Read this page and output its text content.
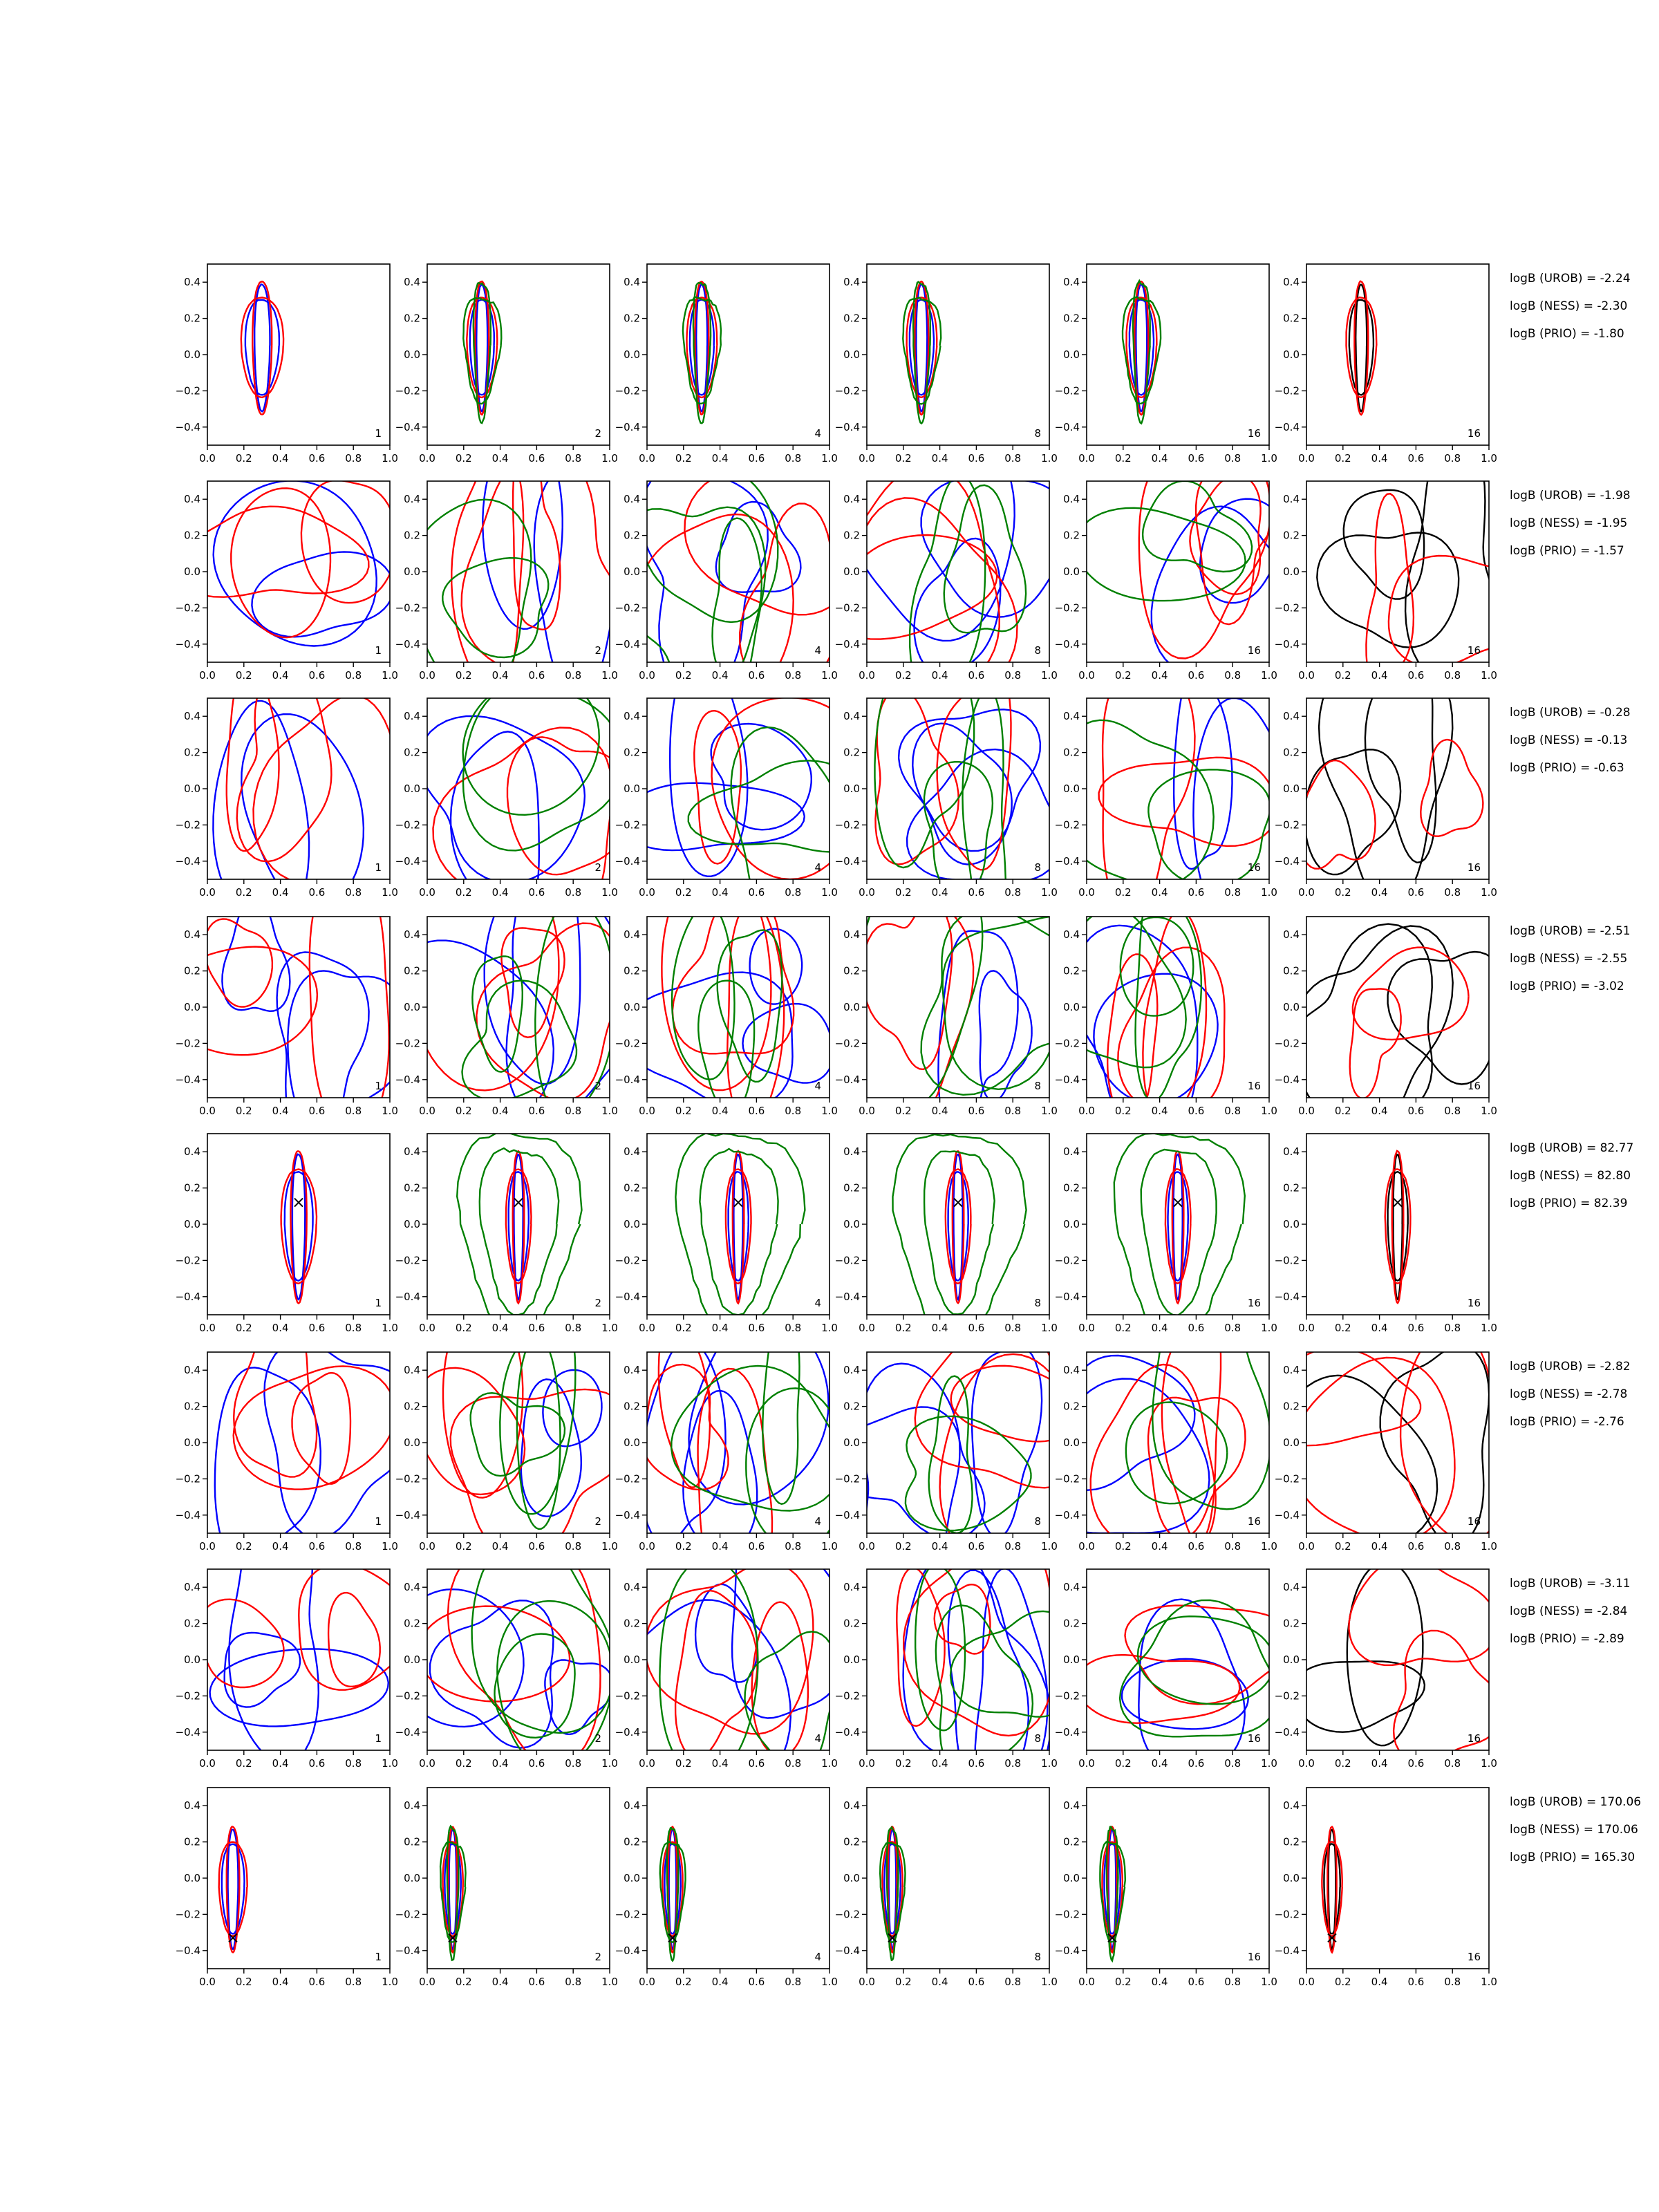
0.0 0.2 0.4 0.6 0.8 1.0
0.4
0.2
0.0
−0.2
−0.4
1
0.0 0.2 0.4 0.6 0.8 1.0
0.4
0.2
0.0
−0.2
−0.4
2
0.0 0.2 0.4 0.6 0.8 1.0
0.4
0.2
0.0
−0.2
−0.4
4
0.0 0.2 0.4 0.6 0.8 1.0
0.4
0.2
0.0
−0.2
−0.4
8
0.0 0.2 0.4 0.6 0.8 1.0
0.4
0.2
0.0
−0.2
−0.4
16
0.0 0.2 0.4 0.6 0.8 1.0
0.4
0.2
0.0
−0.2
−0.4
16
logB (UROB) = -2.24
logB (NESS) = -2.30
logB (PRIO) = -1.80
0.0 0.2 0.4 0.6 0.8 1.0
0.4
0.2
0.0
−0.2
−0.4
1
0.0 0.2 0.4 0.6 0.8 1.0
0.4
0.2
0.0
−0.2
−0.4
2
0.0 0.2 0.4 0.6 0.8 1.0
0.4
0.2
0.0
−0.2
−0.4
4
0.0 0.2 0.4 0.6 0.8 1.0
0.4
0.2
0.0
−0.2
−0.4
8
0.0 0.2 0.4 0.6 0.8 1.0
0.4
0.2
0.0
−0.2
−0.4
16
0.0 0.2 0.4 0.6 0.8 1.0
0.4
0.2
0.0
−0.2
−0.4
16
logB (UROB) = -1.98
logB (NESS) = -1.95
logB (PRIO) = -1.57
0.0 0.2 0.4 0.6 0.8 1.0
0.4
0.2
0.0
−0.2
−0.4
1
0.0 0.2 0.4 0.6 0.8 1.0
0.4
0.2
0.0
−0.2
−0.4
2
0.0 0.2 0.4 0.6 0.8 1.0
0.4
0.2
0.0
−0.2
−0.4
4
0.0 0.2 0.4 0.6 0.8 1.0
0.4
0.2
0.0
−0.2
−0.4
8
0.0 0.2 0.4 0.6 0.8 1.0
0.4
0.2
0.0
−0.2
−0.4
16
0.0 0.2 0.4 0.6 0.8 1.0
0.4
0.2
0.0
−0.2
−0.4
16
logB (UROB) = -0.28
logB (NESS) = -0.13
logB (PRIO) = -0.63
0.0 0.2 0.4 0.6 0.8 1.0
0.4
0.2
0.0
−0.2
−0.4
1
0.0 0.2 0.4 0.6 0.8 1.0
0.4
0.2
0.0
−0.2
−0.4
2
0.0 0.2 0.4 0.6 0.8 1.0
0.4
0.2
0.0
−0.2
−0.4
4
0.0 0.2 0.4 0.6 0.8 1.0
0.4
0.2
0.0
−0.2
−0.4
8
0.0 0.2 0.4 0.6 0.8 1.0
0.4
0.2
0.0
−0.2
−0.4
16
0.0 0.2 0.4 0.6 0.8 1.0
0.4
0.2
0.0
−0.2
−0.4
16
logB (UROB) = -2.51
logB (NESS) = -2.55
logB (PRIO) = -3.02
0.0 0.2 0.4 0.6 0.8 1.0
0.4
0.2
0.0
−0.2
−0.4
1
0.0 0.2 0.4 0.6 0.8 1.0
0.4
0.2
0.0
−0.2
−0.4
2
0.0 0.2 0.4 0.6 0.8 1.0
0.4
0.2
0.0
−0.2
−0.4
4
0.0 0.2 0.4 0.6 0.8 1.0
0.4
0.2
0.0
−0.2
−0.4
8
0.0 0.2 0.4 0.6 0.8 1.0
0.4
0.2
0.0
−0.2
−0.4
16
0.0 0.2 0.4 0.6 0.8 1.0
0.4
0.2
0.0
−0.2
−0.4
16
logB (UROB) = 82.77
logB (NESS) = 82.80
logB (PRIO) = 82.39
0.0 0.2 0.4 0.6 0.8 1.0
0.4
0.2
0.0
−0.2
−0.4
1
0.0 0.2 0.4 0.6 0.8 1.0
0.4
0.2
0.0
−0.2
−0.4
2
0.0 0.2 0.4 0.6 0.8 1.0
0.4
0.2
0.0
−0.2
−0.4
4
0.0 0.2 0.4 0.6 0.8 1.0
0.4
0.2
0.0
−0.2
−0.4
8
0.0 0.2 0.4 0.6 0.8 1.0
0.4
0.2
0.0
−0.2
−0.4
16
0.0 0.2 0.4 0.6 0.8 1.0
0.4
0.2
0.0
−0.2
−0.4
16
logB (UROB) = -2.82
logB (NESS) = -2.78
logB (PRIO) = -2.76
0.0 0.2 0.4 0.6 0.8 1.0
0.4
0.2
0.0
−0.2
−0.4
1
0.0 0.2 0.4 0.6 0.8 1.0
0.4
0.2
0.0
−0.2
−0.4
2
0.0 0.2 0.4 0.6 0.8 1.0
0.4
0.2
0.0
−0.2
−0.4
4
0.0 0.2 0.4 0.6 0.8 1.0
0.4
0.2
0.0
−0.2
−0.4
8
0.0 0.2 0.4 0.6 0.8 1.0
0.4
0.2
0.0
−0.2
−0.4
16
0.0 0.2 0.4 0.6 0.8 1.0
0.4
0.2
0.0
−0.2
−0.4
16
logB (UROB) = -3.11
logB (NESS) = -2.84
logB (PRIO) = -2.89
0.0 0.2 0.4 0.6 0.8 1.0
0.4
0.2
0.0
−0.2
−0.4
1
0.0 0.2 0.4 0.6 0.8 1.0
0.4
0.2
0.0
−0.2
−0.4
2
0.0 0.2 0.4 0.6 0.8 1.0
0.4
0.2
0.0
−0.2
−0.4
4
0.0 0.2 0.4 0.6 0.8 1.0
0.4
0.2
0.0
−0.2
−0.4
8
0.0 0.2 0.4 0.6 0.8 1.0
0.4
0.2
0.0
−0.2
−0.4
16
0.0 0.2 0.4 0.6 0.8 1.0
0.4
0.2
0.0
−0.2
−0.4
16
logB (UROB) = 170.06
logB (NESS) = 170.06
logB (PRIO) = 165.30
